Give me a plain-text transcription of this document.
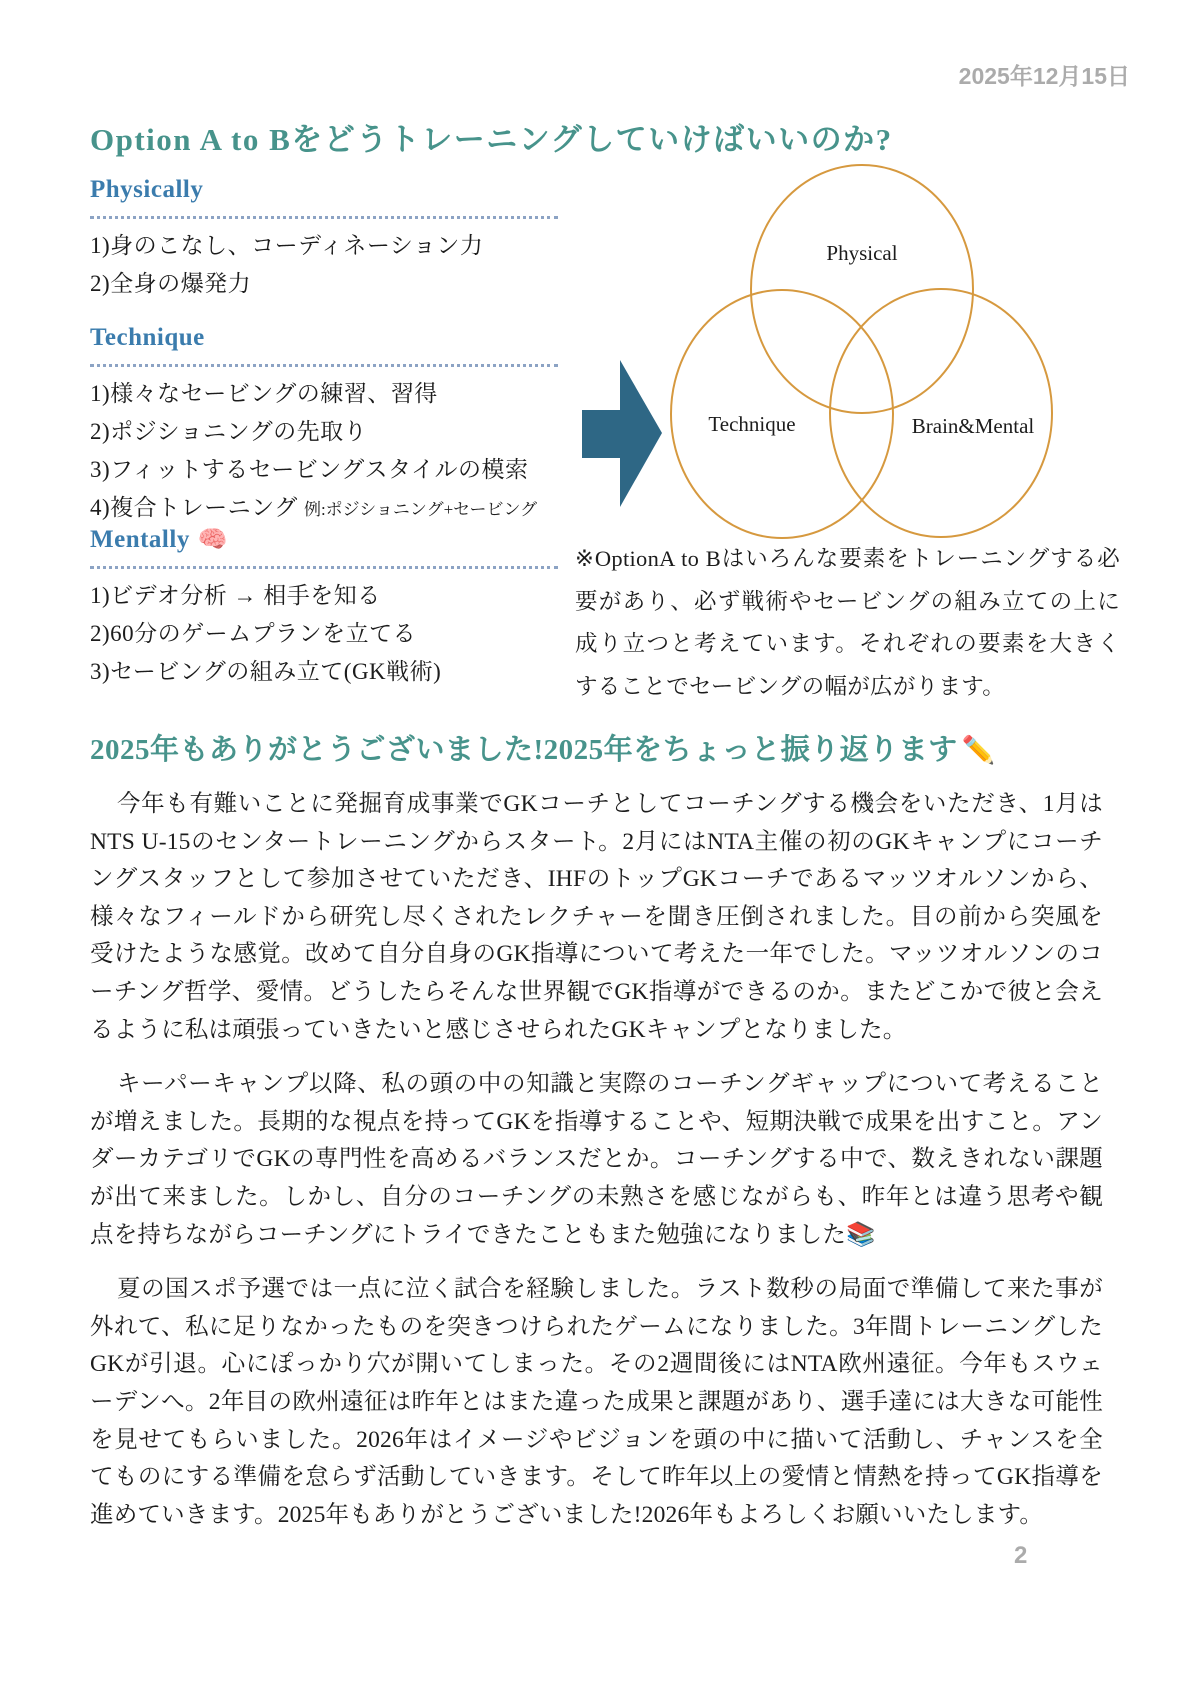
2025年12月15日
Option A to Bをどうトレーニングしていけばいいのか?
Physically
1)身のこなし、コーディネーション力
2)全身の爆発力
Technique
1)様々なセービングの練習、習得
2)ポジショニングの先取り
3)フィットするセービングスタイルの模索
4)複合トレーニング 例:ポジショニング+セービング
Mentally 🧠
1)ビデオ分析 → 相手を知る
2)60分のゲームプランを立てる
3)セービングの組み立て(GK戦術)
Physical
Technique	Brain&Mental

※OptionA to Bはいろんな要素をトレーニングする必要があり、必ず戦術やセービングの組み立ての上に成り立つと考えています。それぞれの要素を大きくすることでセービングの幅が広がります。

2025年もありがとうございました!2025年をちょっと振り返ります ✏️

今年も有難いことに発掘育成事業でGKコーチとしてコーチングする機会をいただき、1月はNTS U-15のセンタートレーニングからスタート。2月にはNTA主催の初のGKキャンプにコーチングスタッフとして参加させていただき、IHFのトップGKコーチであるマッツオルソンから、様々なフィールドから研究し尽くされたレクチャーを聞き圧倒されました。目の前から突風を受けたような感覚。改めて自分自身のGK指導について考えた一年でした。マッツオルソンのコーチング哲学、愛情。どうしたらそんな世界観でGK指導ができるのか。またどこかで彼と会えるように私は頑張っていきたいと感じさせられたGKキャンプとなりました。

キーパーキャンプ以降、私の頭の中の知識と実際のコーチングギャップについて考えることが増えました。長期的な視点を持ってGKを指導することや、短期決戦で成果を出すこと。アンダーカテゴリでGKの専門性を高めるバランスだとか。コーチングする中で、数えきれない課題が出て来ました。しかし、自分のコーチングの未熟さを感じながらも、昨年とは違う思考や観点を持ちながらコーチングにトライできたこともまた勉強になりました📚

夏の国スポ予選では一点に泣く試合を経験しました。ラスト数秒の局面で準備して来た事が外れて、私に足りなかったものを突きつけられたゲームになりました。3年間トレーニングしたGKが引退。心にぽっかり穴が開いてしまった。その2週間後にはNTA欧州遠征。今年もスウェーデンへ。2年目の欧州遠征は昨年とはまた違った成果と課題があり、選手達には大きな可能性を見せてもらいました。2026年はイメージやビジョンを頭の中に描いて活動し、チャンスを全てものにする準備を怠らず活動していきます。そして昨年以上の愛情と情熱を持ってGK指導を進めていきます。2025年もありがとうございました!2026年もよろしくお願いいたします。

2
